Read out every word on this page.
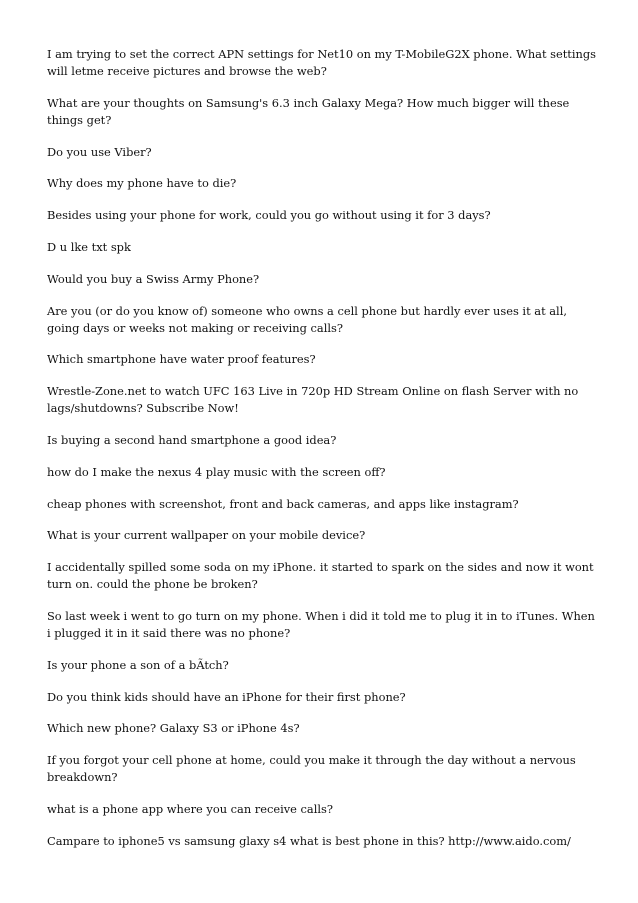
I am trying to set the correct APN settings for Net10 on my T-MobileG2X phone. What settings will letme receive pictures and browse the web?

What are your thoughts on Samsung's 6.3 inch Galaxy Mega? How much bigger will these things get?

Do you use Viber?

Why does my phone have to die?

Besides using your phone for work, could you go without using it for 3 days?

D u lke txt spk

Would you buy a Swiss Army Phone?

Are you (or do you know of) someone who owns a cell phone but hardly ever uses it at all, going days or weeks not making or receiving calls?

Which smartphone have water proof features?

Wrestle-Zone.net to watch UFC 163 Live in 720p HD Stream Online on flash Server with no lags/shutdowns? Subscribe Now!

Is buying a second hand smartphone a good idea?

how do I make the nexus 4 play music with the screen off?

cheap phones with screenshot, front and back cameras, and apps like instagram?

What is your current wallpaper on your mobile device?

I accidentally spilled some soda on my iPhone. it started to spark on the sides and now it wont turn on. could the phone be broken?

So last week i went to go turn on my phone. When i did it told me to plug it in to iTunes. When i plugged it in it said there was no phone?

Is your phone a son of a bÃtch?

Do you think kids should have an iPhone for their first phone?

Which new phone? Galaxy S3 or iPhone 4s?

If you forgot your cell phone at home, could you make it through the day without a nervous breakdown?

what is a phone app where you can receive calls?

Campare to iphone5 vs samsung glaxy s4 what is best phone in this? http://www.aido.com/
